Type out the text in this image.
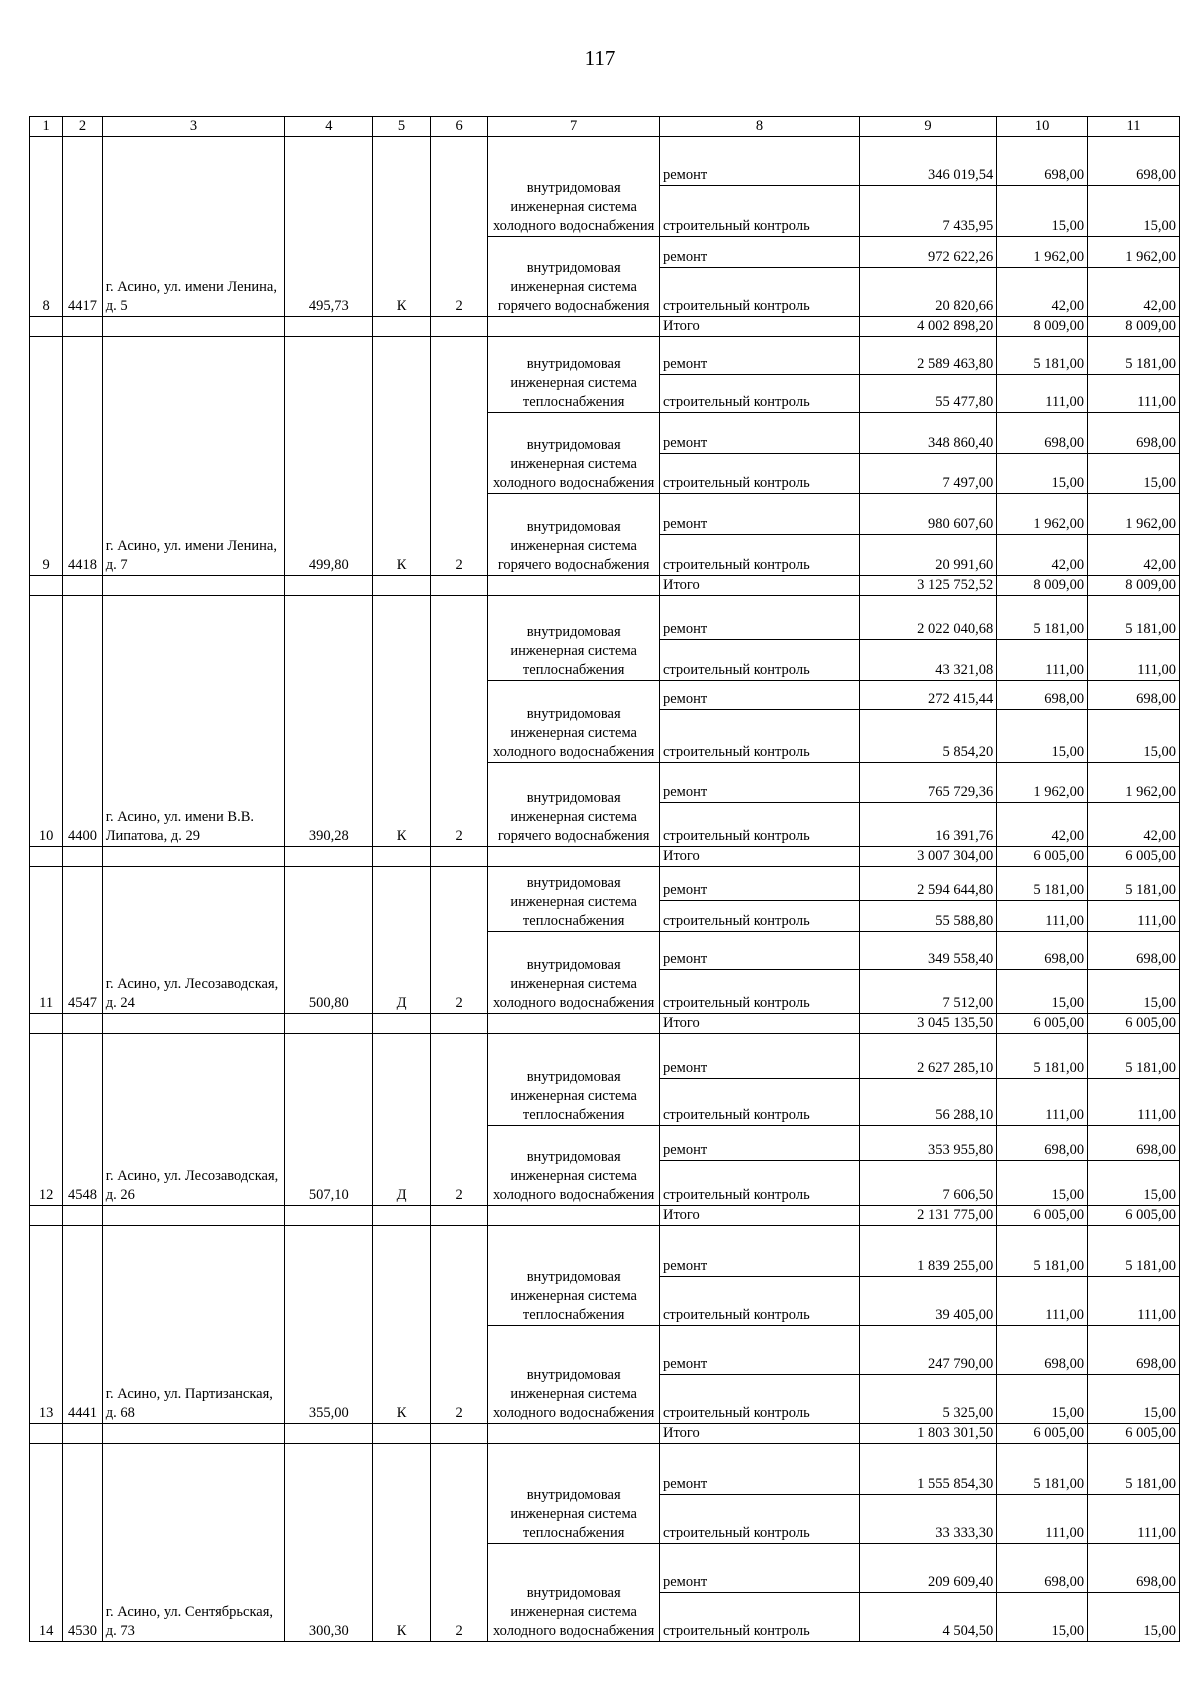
117
1	2	3	4	5	6	7	8	9	10	11
8	4417	г. Асино, ул. имени Ленина, д. 5	495,73	К	2	внутридомовая инженерная система холодного водоснабжения	ремонт	346 019,54	698,00	698,00
							строительный контроль	7 435,95	15,00	15,00
						внутридомовая инженерная система горячего водоснабжения	ремонт	972 622,26	1 962,00	1 962,00
							строительный контроль	20 820,66	42,00	42,00
							Итого	4 002 898,20	8 009,00	8 009,00
9	4418	г. Асино, ул. имени Ленина, д. 7	499,80	К	2	внутридомовая инженерная система теплоснабжения	ремонт	2 589 463,80	5 181,00	5 181,00
							строительный контроль	55 477,80	111,00	111,00
						внутридомовая инженерная система холодного водоснабжения	ремонт	348 860,40	698,00	698,00
							строительный контроль	7 497,00	15,00	15,00
						внутридомовая инженерная система горячего водоснабжения	ремонт	980 607,60	1 962,00	1 962,00
							строительный контроль	20 991,60	42,00	42,00
							Итого	3 125 752,52	8 009,00	8 009,00
10	4400	г. Асино, ул. имени В.В. Липатова, д. 29	390,28	К	2	внутридомовая инженерная система теплоснабжения	ремонт	2 022 040,68	5 181,00	5 181,00
							строительный контроль	43 321,08	111,00	111,00
						внутридомовая инженерная система холодного водоснабжения	ремонт	272 415,44	698,00	698,00
							строительный контроль	5 854,20	15,00	15,00
						внутридомовая инженерная система горячего водоснабжения	ремонт	765 729,36	1 962,00	1 962,00
							строительный контроль	16 391,76	42,00	42,00
							Итого	3 007 304,00	6 005,00	6 005,00
11	4547	г. Асино, ул. Лесозаводская, д. 24	500,80	Д	2	внутридомовая инженерная система теплоснабжения	ремонт	2 594 644,80	5 181,00	5 181,00
							строительный контроль	55 588,80	111,00	111,00
						внутридомовая инженерная система холодного водоснабжения	ремонт	349 558,40	698,00	698,00
							строительный контроль	7 512,00	15,00	15,00
							Итого	3 045 135,50	6 005,00	6 005,00
12	4548	г. Асино, ул. Лесозаводская, д. 26	507,10	Д	2	внутридомовая инженерная система теплоснабжения	ремонт	2 627 285,10	5 181,00	5 181,00
							строительный контроль	56 288,10	111,00	111,00
						внутридомовая инженерная система холодного водоснабжения	ремонт	353 955,80	698,00	698,00
							строительный контроль	7 606,50	15,00	15,00
							Итого	2 131 775,00	6 005,00	6 005,00
13	4441	г. Асино, ул. Партизанская, д. 68	355,00	К	2	внутридомовая инженерная система теплоснабжения	ремонт	1 839 255,00	5 181,00	5 181,00
							строительный контроль	39 405,00	111,00	111,00
						внутридомовая инженерная система холодного водоснабжения	ремонт	247 790,00	698,00	698,00
							строительный контроль	5 325,00	15,00	15,00
							Итого	1 803 301,50	6 005,00	6 005,00
14	4530	г. Асино, ул. Сентябрьская, д. 73	300,30	К	2	внутридомовая инженерная система теплоснабжения	ремонт	1 555 854,30	5 181,00	5 181,00
							строительный контроль	33 333,30	111,00	111,00
						внутридомовая инженерная система холодного водоснабжения	ремонт	209 609,40	698,00	698,00
							строительный контроль	4 504,50	15,00	15,00
